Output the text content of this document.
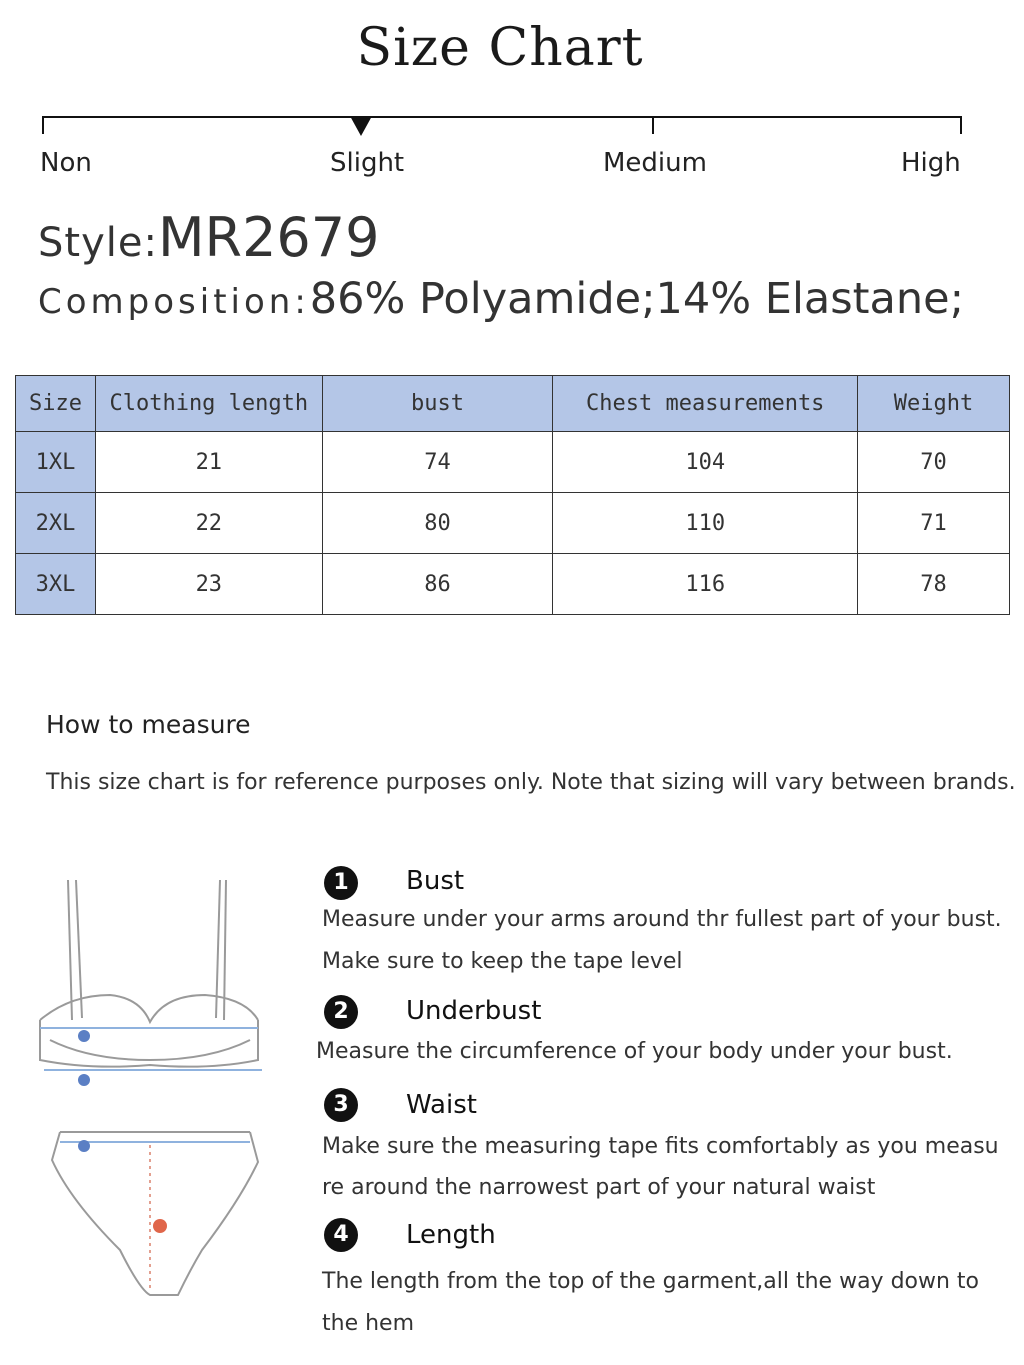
Size Chart
Non	Slight	Medium	High
Style:MR2679
Composition:86% Polyamide;14% Elastane;
Size	Clothing length	bust	Chest measurements	Weight
1XL	21	74	104	70
2XL	22	80	110	71
3XL	23	86	116	78
How to measure
This size chart is for reference purposes only. Note that sizing will vary between brands.
1	Bust
Measure under your arms around thr fullest part of your bust.
Make sure to keep the tape level
2	Underbust
Measure the circumference of your body under your bust.
3	Waist
Make sure the measuring tape fits comfortably as you measu
re around the narrowest part of your natural waist
4	Length
The length from the top of the garment,all the way down to
the hem
